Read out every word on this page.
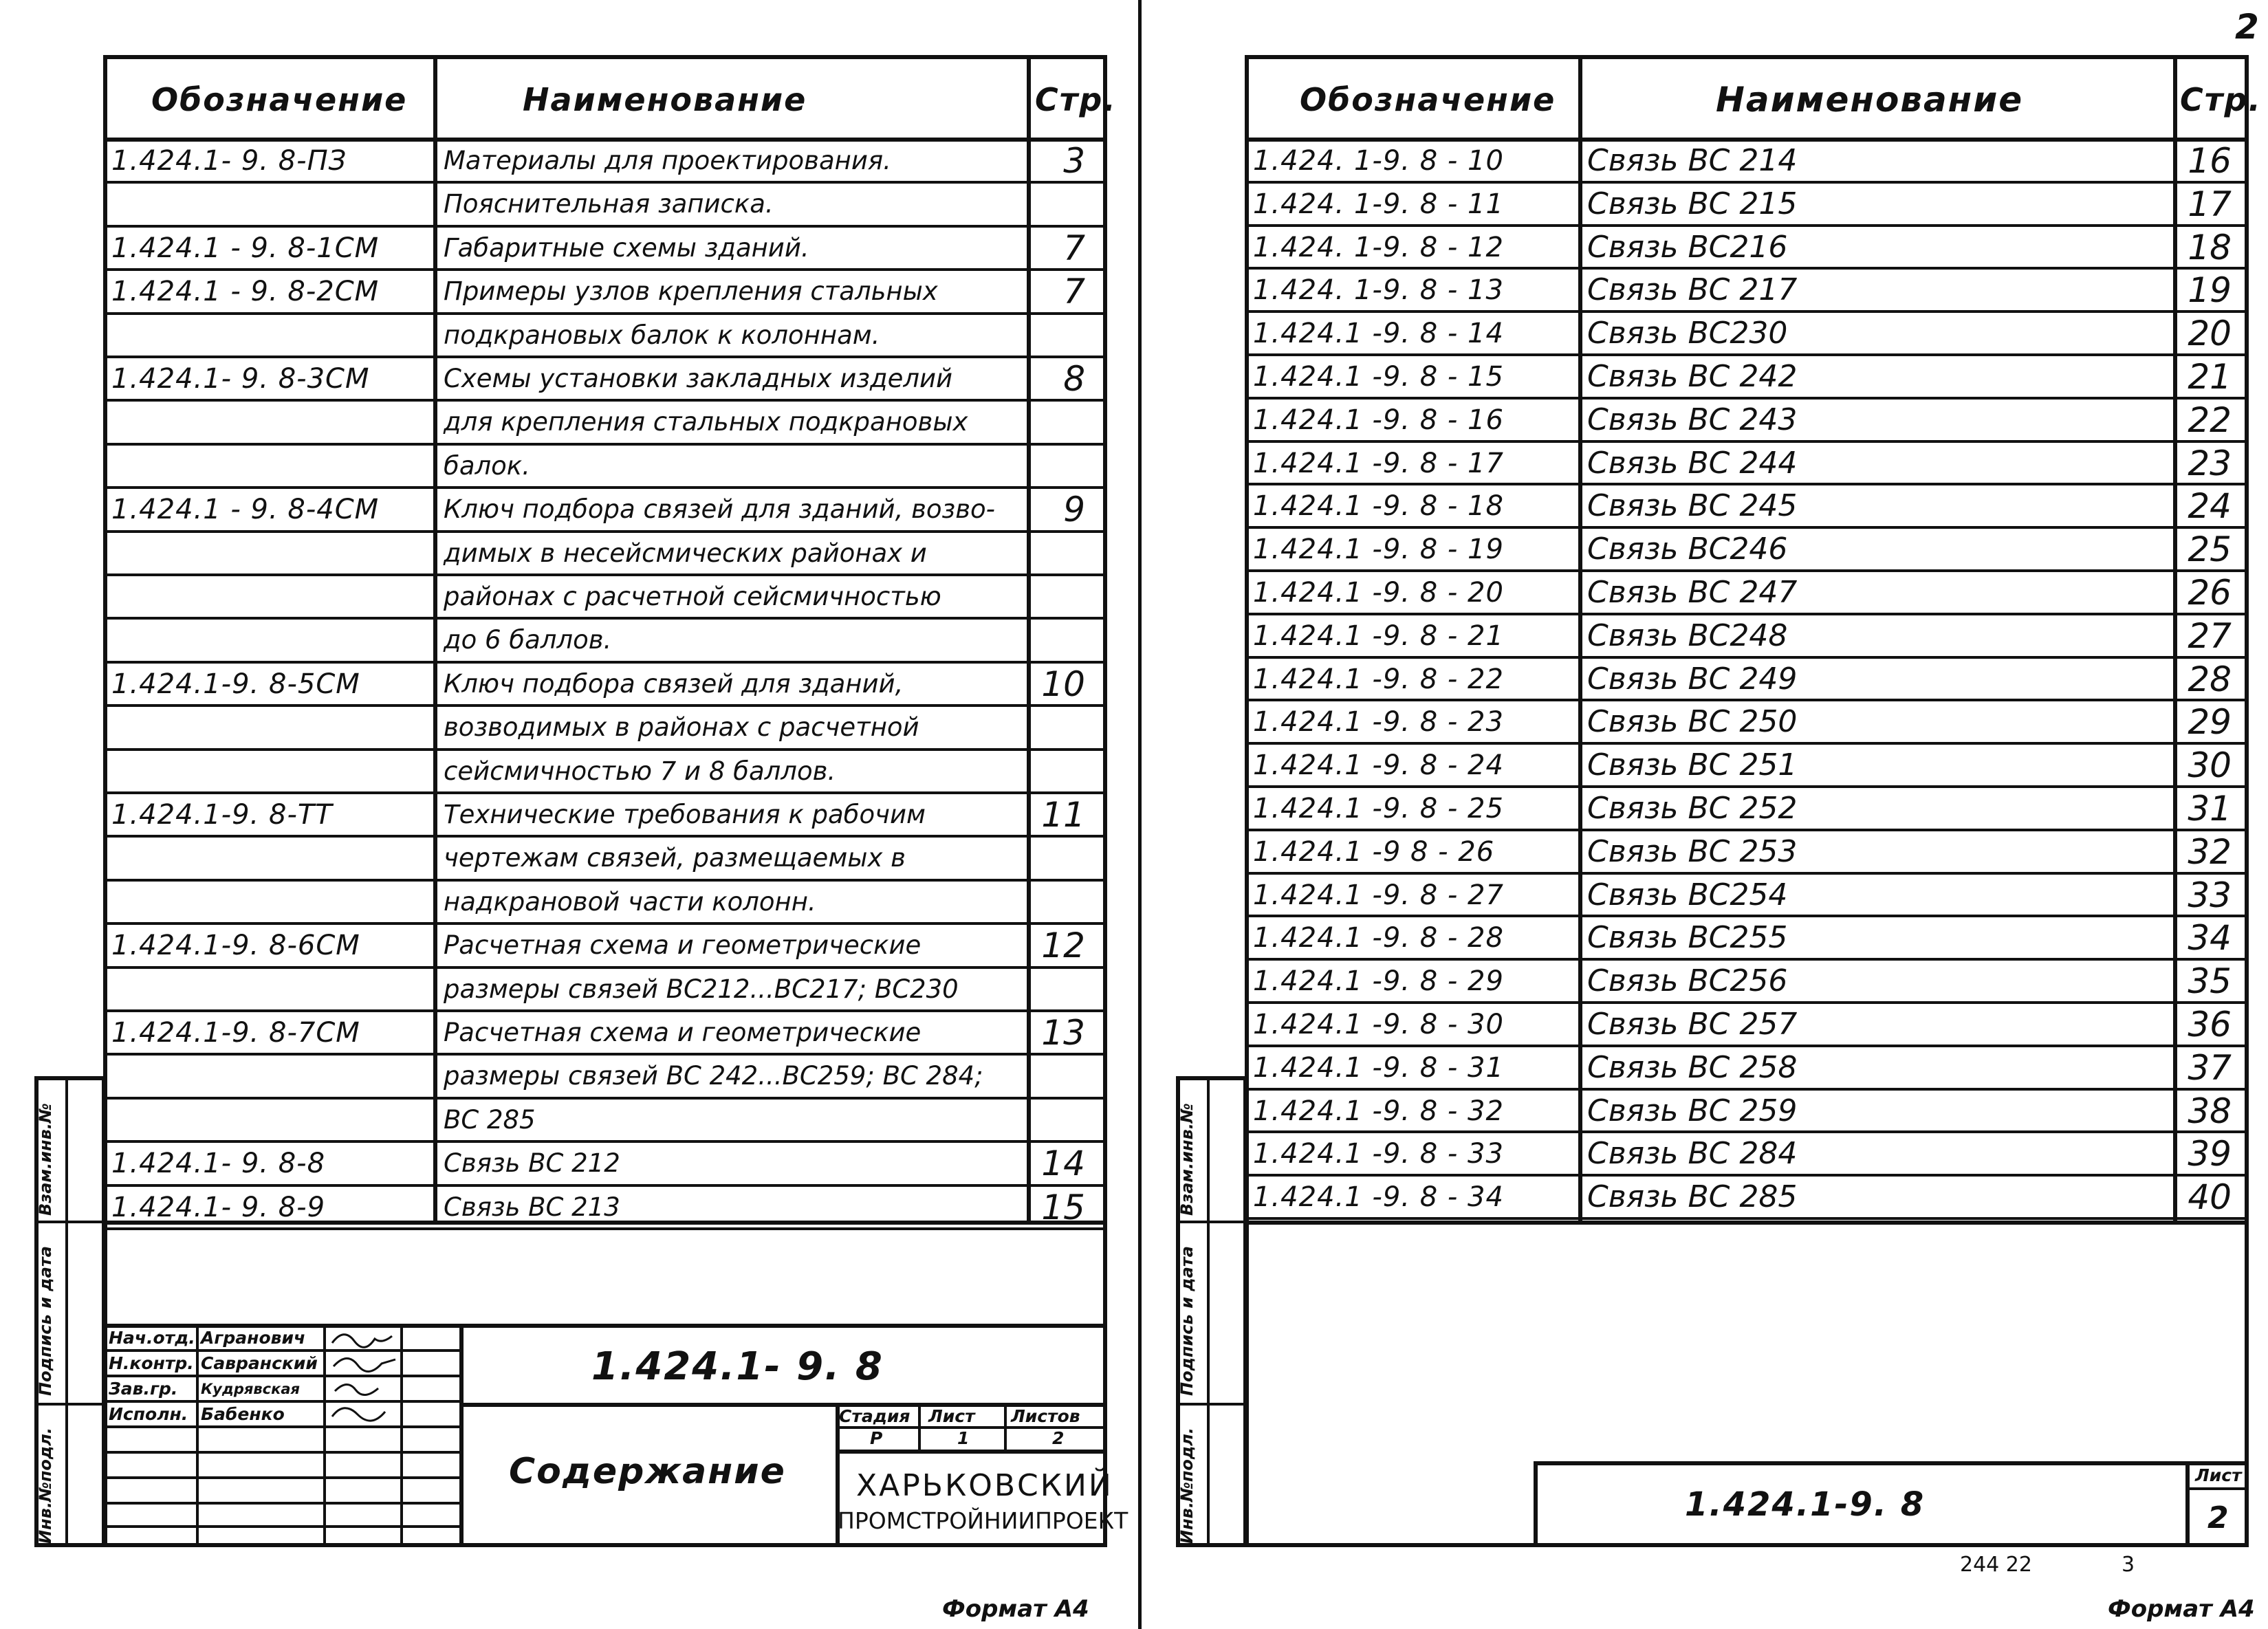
2
Обозначение	Наименование	Стр.
1.424.1- 9. 8-ПЗ	Материалы для проектирования.	3
Пояснительная записка.
1.424.1 - 9. 8-1СМ	Габаритные схемы зданий.	7
1.424.1 - 9. 8-2СМ	Примеры узлов крепления стальных	7
подкрановых балок к колоннам.
1.424.1- 9. 8-3СМ	Схемы установки закладных изделий	8
для крепления стальных подкрановых
балок.
1.424.1 - 9. 8-4СМ	Ключ подбора связей для зданий, возво-	9
димых в несейсмических районах и
районах с расчетной сейсмичностью
до 6 баллов.
1.424.1-9. 8-5СМ	Ключ подбора связей для зданий,	10
возводимых в районах с расчетной
сейсмичностью 7 и 8 баллов.
1.424.1-9. 8-ТТ	Технические требования к рабочим	11
чертежам связей, размещаемых в
надкрановой части колонн.
1.424.1-9. 8-6СМ	Расчетная схема и геометрические	12
размеры связей ВС212...ВС217; ВС230
1.424.1-9. 8-7СМ	Расчетная схема и геометрические	13
размеры связей ВС 242...ВС259; ВС 284;
ВС 285
1.424.1- 9. 8-8	Связь ВС 212	14
1.424.1- 9. 8-9	Связь ВС 213	15
Инв.№подл.
Подпись и дата
Взам.инв.№
Нач.отд. Агранович
Н.контр. Савранский
Зав.гр. Кудрявская
Исполн. Бабенко
1.424.1- 9. 8
Содержание
Стадия Лист Листов
Р	1	2
ХАРЬКОВСКИЙ
ПРОМСТРОЙНИИПРОЕКТ
Формат А4
Обозначение	Наименование	Стр.
1.424. 1-9. 8 - 10	Связь ВС 214	16
1.424. 1-9. 8 - 11	Связь ВС 215	17
1.424. 1-9. 8 - 12	Связь ВС216	18
1.424. 1-9. 8 - 13	Связь ВС 217	19
1.424.1 -9. 8 - 14	Связь ВС230	20
1.424.1 -9. 8 - 15	Связь ВС 242	21
1.424.1 -9. 8 - 16	Связь ВС 243	22
1.424.1 -9. 8 - 17	Связь ВС 244	23
1.424.1 -9. 8 - 18	Связь ВС 245	24
1.424.1 -9. 8 - 19	Связь ВС246	25
1.424.1 -9. 8 - 20	Связь ВС 247	26
1.424.1 -9. 8 - 21	Связь ВС248	27
1.424.1 -9. 8 - 22	Связь ВС 249	28
1.424.1 -9. 8 - 23	Связь ВС 250	29
1.424.1 -9. 8 - 24	Связь ВС 251	30
1.424.1 -9. 8 - 25	Связь ВС 252	31
1.424.1 -9 8 - 26	Связь ВС 253	32
1.424.1 -9. 8 - 27	Связь ВС254	33
1.424.1 -9. 8 - 28	Связь ВС255	34
1.424.1 -9. 8 - 29	Связь ВС256	35
1.424.1 -9. 8 - 30	Связь ВС 257	36
1.424.1 -9. 8 - 31	Связь ВС 258	37
1.424.1 -9. 8 - 32	Связь ВС 259	38
1.424.1 -9. 8 - 33	Связь ВС 284	39
1.424.1 -9. 8 - 34	Связь ВС 285	40
Инв.№подл.
Подпись и дата
Взам.инв.№
1.424.1-9. 8
Лист
2
244 22	3
Формат А4
